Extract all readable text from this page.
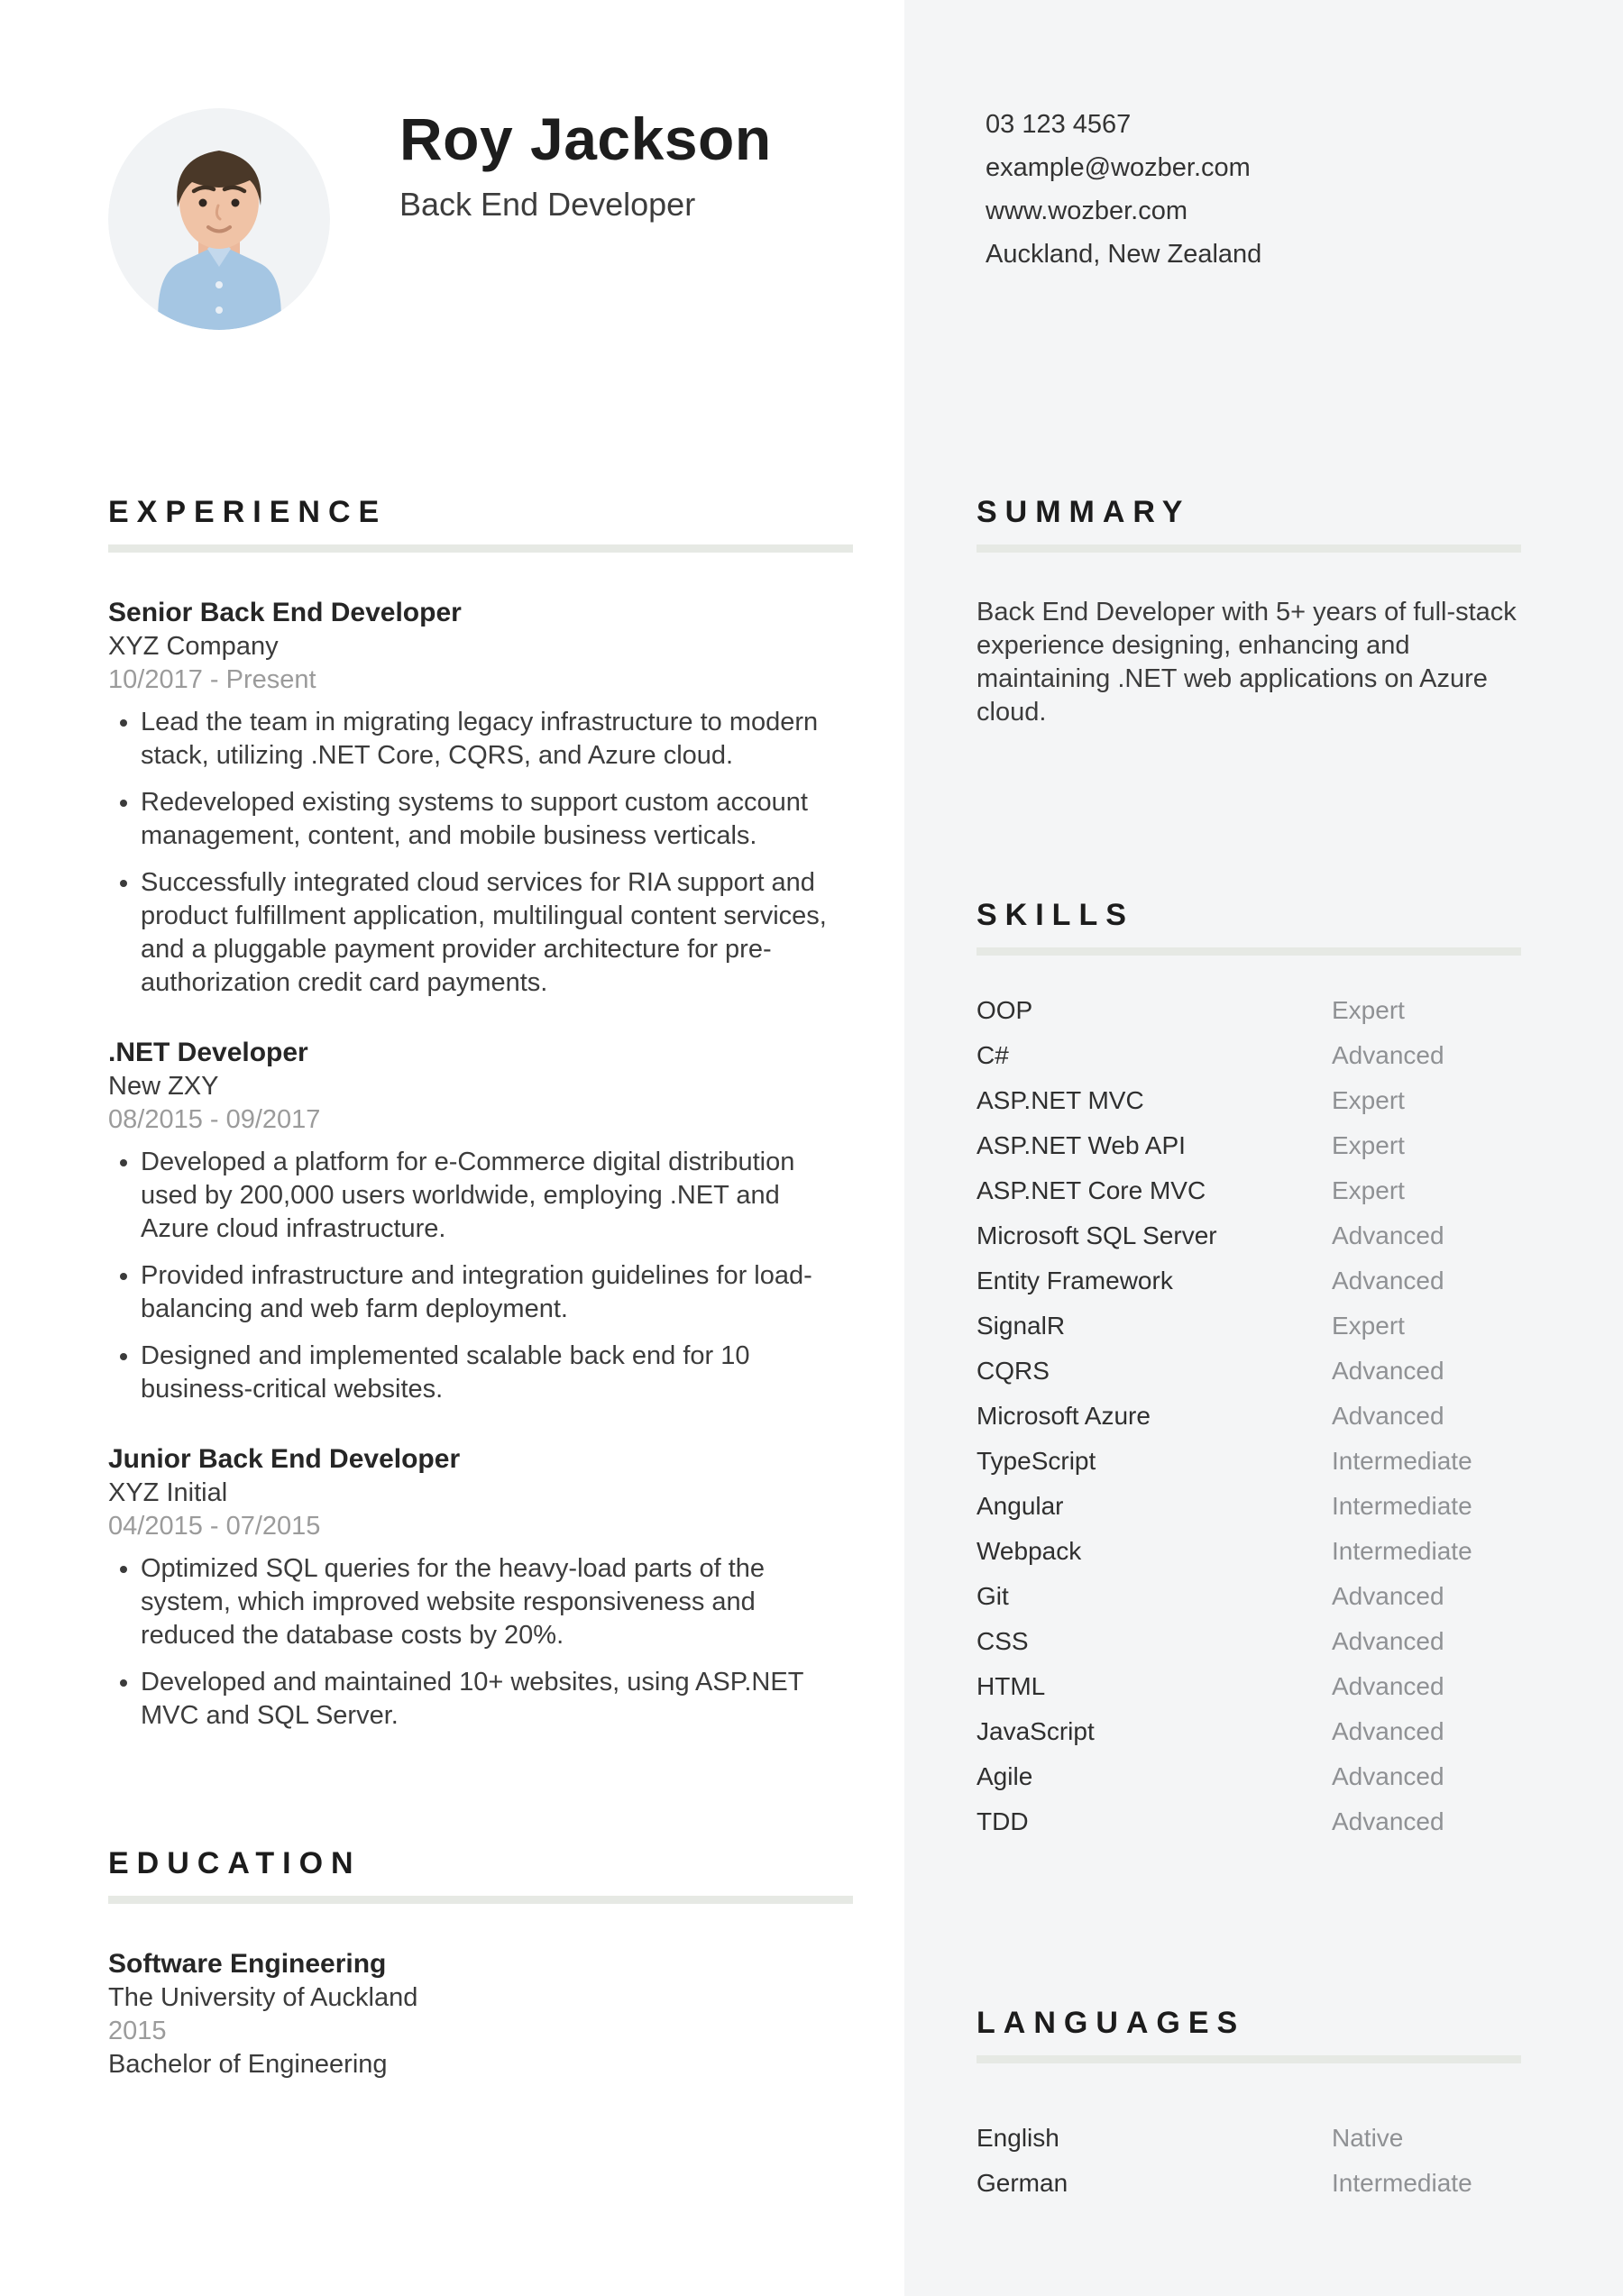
Roy Jackson

Back End Developer

03 123 4567
example@wozber.com
www.wozber.com
Auckland, New Zealand
EXPERIENCE
Senior Back End Developer

XYZ Company

10/2017 - Present

Lead the team in migrating legacy infrastructure to modern stack, utilizing .NET Core, CQRS, and Azure cloud.
Redeveloped existing systems to support custom account management, content, and mobile business verticals.
Successfully integrated cloud services for RIA support and product fulfillment application, multilingual content services, and a pluggable payment provider architecture for pre-authorization credit card payments.
.NET Developer

New ZXY

08/2015 - 09/2017

Developed a platform for e-Commerce digital distribution used by 200,000 users worldwide, employing .NET and Azure cloud infrastructure.
Provided infrastructure and integration guidelines for load-balancing and web farm deployment.
Designed and implemented scalable back end for 10 business-critical websites.
Junior Back End Developer

XYZ Initial

04/2015 - 07/2015

Optimized SQL queries for the heavy-load parts of the system, which improved website responsiveness and reduced the database costs by 20%.
Developed and maintained 10+ websites, using ASP.NET MVC and SQL Server.
EDUCATION
Software Engineering

The University of Auckland

2015

Bachelor of Engineering

SUMMARY

Back End Developer with 5+ years of full-stack experience designing, enhancing and maintaining .NET web applications on Azure cloud.

SKILLS
OOP	Expert
C#	Advanced
ASP.NET MVC	Expert
ASP.NET Web API	Expert
ASP.NET Core MVC	Expert
Microsoft SQL Server	Advanced
Entity Framework	Advanced
SignalR	Expert
CQRS	Advanced
Microsoft Azure	Advanced
TypeScript	Intermediate
Angular	Intermediate
Webpack	Intermediate
Git	Advanced
CSS	Advanced
HTML	Advanced
JavaScript	Advanced
Agile	Advanced
TDD	Advanced
LANGUAGES
English	Native
German	Intermediate
